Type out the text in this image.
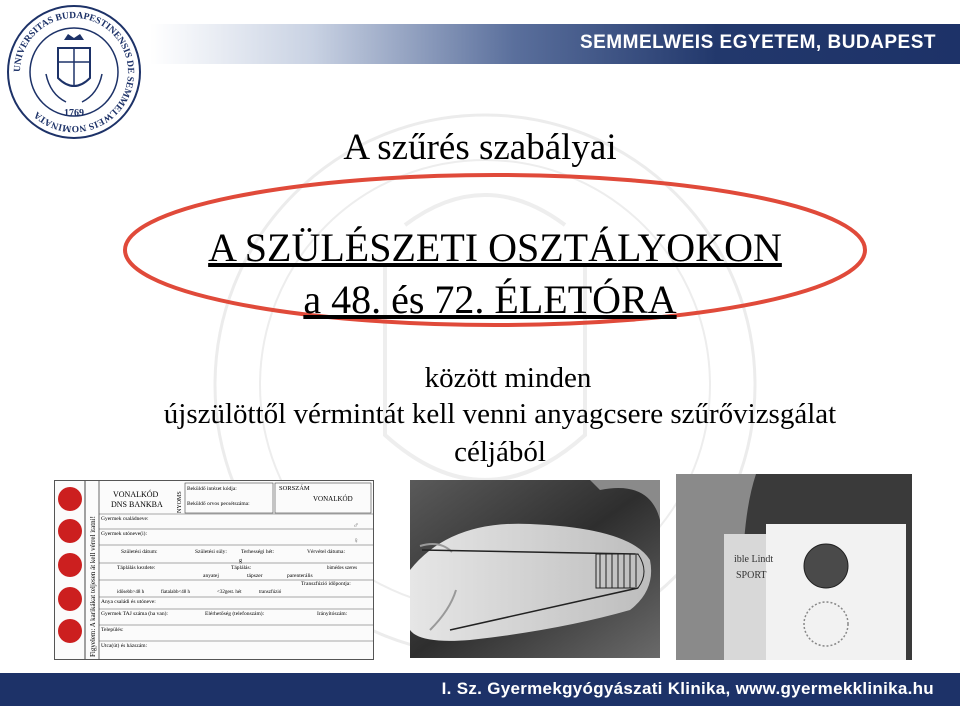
SEMMELWEIS EGYETEM, BUDAPEST
UNIVERSITAS BUDAPESTINENSIS DE SEMMELWEIS NOMINATA	1769
A szűrés szabályai
A SZÜLÉSZETI OSZTÁLYOKON
a 48. és 72. ÉLETÓRA
között minden
újszülöttől vérmintát kell venni anyagcsere szűrővizsgálat
céljából
Figyelem: A karikákat teljesen át kell vérrel itatni!
VONALKÓD
DNS BANKBA NYOMS
Beküldő intézet kódja:
Beküldő orvos pecsétszáma:
SORSZÁM
VONALKÓD
Gyermek családneve:
♂
Gyermek utóneve(i):
♀
Születési dátum:	Születési súly:	Terhességi hét:	Vérvétel dátuma:
g
Táplálás kezdete:	Táplálás:	bimédes szeres
anyatej	tápszer	parenterális
Transzfúzió időpontja:
idősebb>48 h	fiatalabb<48 h	<32gest. hét	transzfúzió
Anya családi és utóneve:
Gyermek TAJ száma (ha van):	Elérhetőség (telefonszám):	Irányítószám:
Település:
Utca(út) és házszám:
ible Lindt
SPORT
I. Sz. Gyermekgyógyászati Klinika, www.gyermekklinika.hu
